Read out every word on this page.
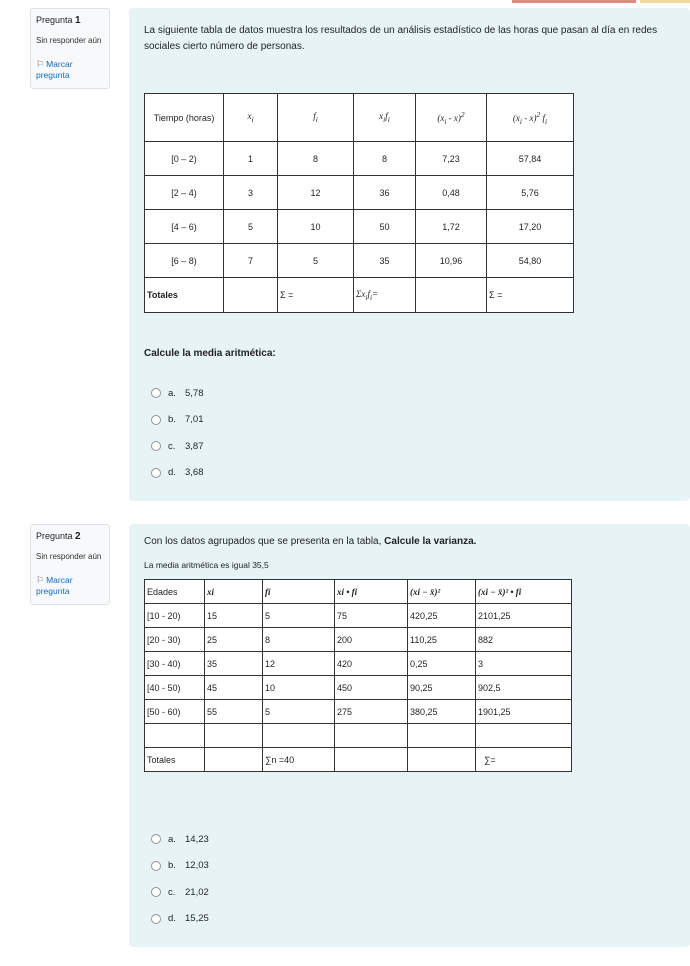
Pregunta 1
Sin responder aún
⚐ Marcar pregunta
La siguiente tabla de datos muestra los resultados de un análisis estadístico de las horas que pasan al día en redes sociales cierto número de personas.
Tiempo (horas)	$x_i$	$f_i$	$x_if_i$	$(x_i - x)^2$	$(x_i - x)^2$ $f_i$
[0 – 2)	1	8	8	7,23	57,84
[2 – 4)	3	12	36	0,48	5,76
[4 – 6)	5	10	50	1,72	17,20
[6 – 8)	7	5	35	10,96	54,80
Totales		Σ =	$\Sigma x_if_i=$		Σ =
Calcule la media aritmética:
a. 5,78
b. 7,01
c.	3,87
d. 3,68
Pregunta 2
Sin responder aún
⚐ Marcar pregunta
Con los datos agrupados que se presenta en la tabla, Calcule la varianza.
La media aritmética es igual 35,5
Edades	xi	fi	xi • fi	(xi − x̄)²	(xi − x̄)² • fi
[10 - 20)	15	5	75	420,25	2101,25
[20 - 30)	25	8	200	110,25	882
[30 - 40)	35	12	420	0,25	3
[40 - 50)	45	10	450	90,25	902,5
[50 - 60)	55	5	275	380,25	1901,25

Totales		∑n =40			∑=
a. 14,23
b. 12,03
c.	21,02
d. 15,25
